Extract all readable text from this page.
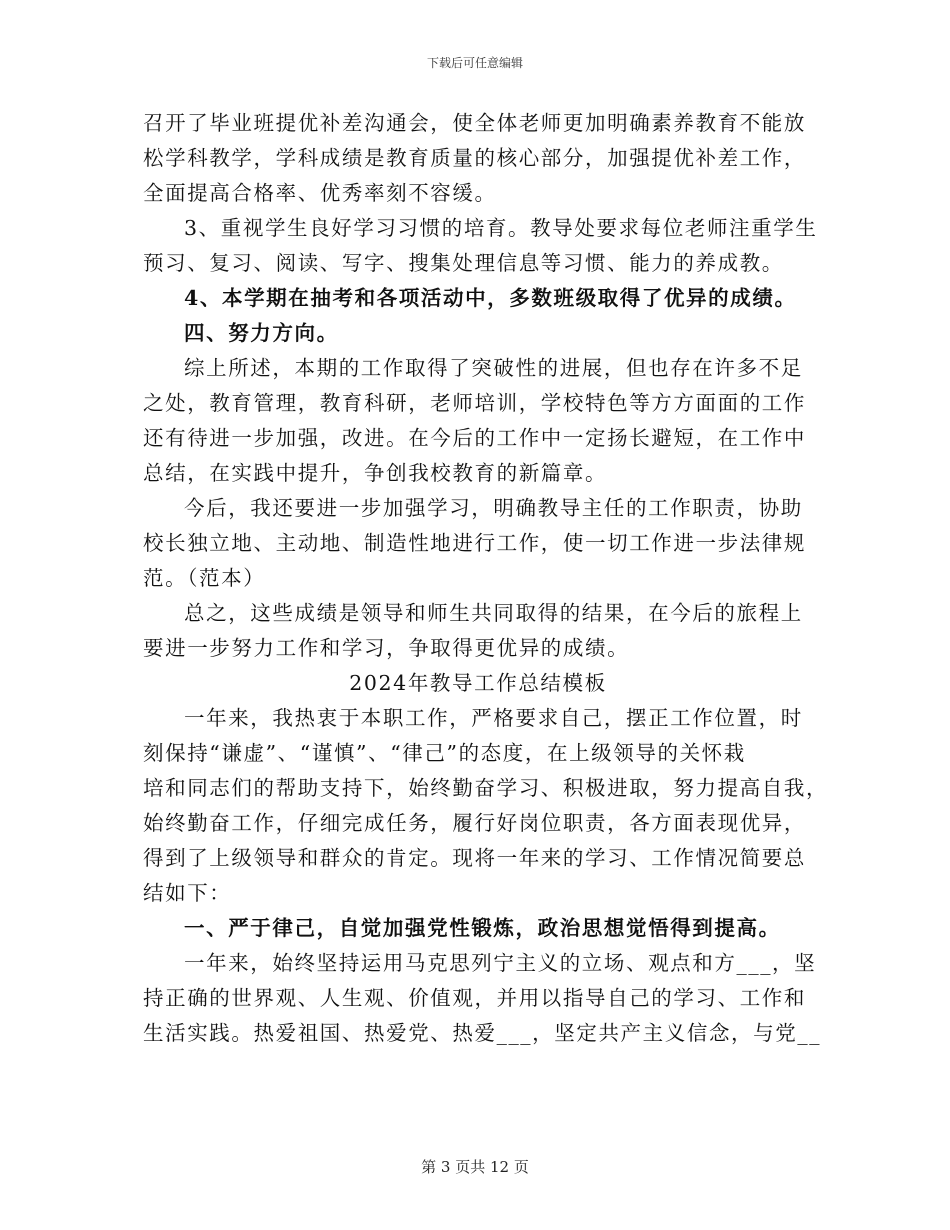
下载后可任意编辑
召开了毕业班提优补差沟通会，使全体老师更加明确素养教育不能放
松学科教学，学科成绩是教育质量的核心部分，加强提优补差工作，
全面提高合格率、优秀率刻不容缓。
3、重视学生良好学习习惯的培育。教导处要求每位老师注重学生
预习、复习、阅读、写字、搜集处理信息等习惯、能力的养成教。
4、本学期在抽考和各项活动中，多数班级取得了优异的成绩。
四、努力方向。
综上所述，本期的工作取得了突破性的进展，但也存在许多不足
之处，教育管理，教育科研，老师培训，学校特色等方方面面的工作
还有待进一步加强，改进。在今后的工作中一定扬长避短，在工作中
总结，在实践中提升，争创我校教育的新篇章。
今后，我还要进一步加强学习，明确教导主任的工作职责，协助
校长独立地、主动地、制造性地进行工作，使一切工作进一步法律规
范。（范本）
总之，这些成绩是领导和师生共同取得的结果，在今后的旅程上
要进一步努力工作和学习，争取得更优异的成绩。
2024年教导工作总结模板
一年来，我热衷于本职工作，严格要求自己，摆正工作位置，时
刻保持“谦虚”、“谨慎”、“律己”的态度，在上级领导的关怀栽
培和同志们的帮助支持下，始终勤奋学习、积极进取，努力提高自我，
始终勤奋工作，仔细完成任务，履行好岗位职责，各方面表现优异，
得到了上级领导和群众的肯定。现将一年来的学习、工作情况简要总
结如下：
一、严于律己，自觉加强党性锻炼，政治思想觉悟得到提高。
一年来，始终坚持运用马克思列宁主义的立场、观点和方___，坚
持正确的世界观、人生观、价值观，并用以指导自己的学习、工作和
生活实践。热爱祖国、热爱党、热爱___，坚定共产主义信念，与党__
第 3 页共 12 页
